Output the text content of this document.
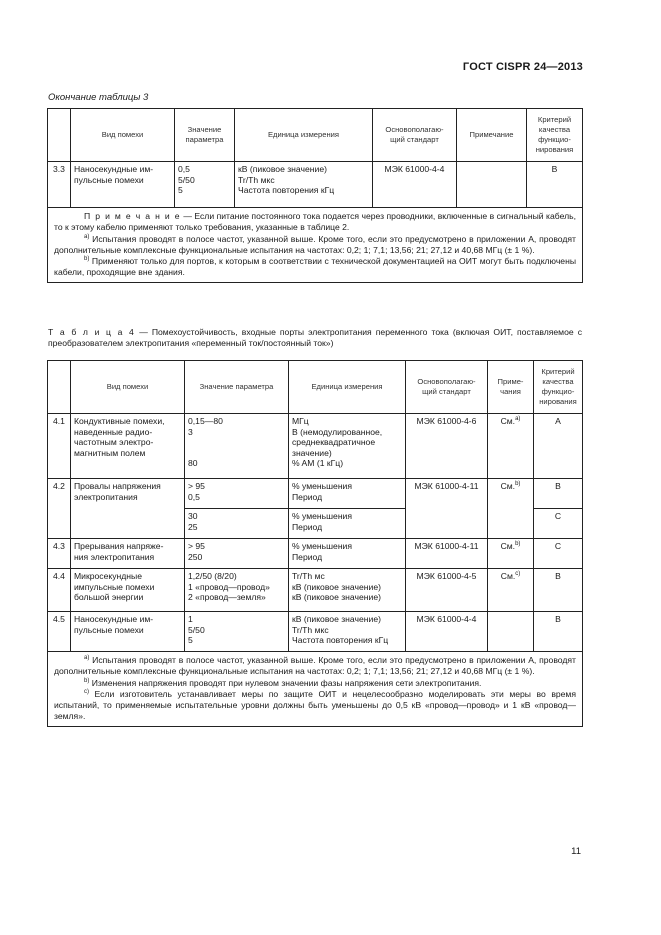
ГОСТ CISPR 24—2013
Окончание таблицы 3
	Вид помехи	Значение
параметра	Единица измерения	Основополагаю-
щий стандарт	Примечание	Критерий
качества
функцио-
нирования

3.3	Наносекундные им-
пульсные помехи	0,5
5/50
5	кВ (пиковое значение)
Tr/Th мкс
Частота повторения кГц	МЭК 61000-4-4		B

П р и м е ч а н и е — Если питание постоянного тока подается через проводники, включенные в сигнальный кабель, то к этому кабелю применяют только требования, указанные в таблице 2.

$^{а)}$ Испытания проводят в полосе частот, указанной выше. Кроме того, если это предусмотрено в приложении А, проводят дополнительные комплексные функциональные испытания на частотах: 0,2; 1; 7,1; 13,56; 21; 27,12 и 40,68 МГц (± 1 %).

$^{b)}$ Применяют только для портов, к которым в соответствии с технической документацией на ОИТ могут быть подключены кабели, проходящие вне здания.						

Т а б л и ц а 4 — Помехоустойчивость, входные порты электропитания переменного тока (включая ОИТ, поставляемое с преобразователем электропитания «переменный ток/постоянный ток»)
	Вид помехи	Значение параметра	Единица измерения	Основополагаю-
щий стандарт	Приме-
чания	Критерий
качества
функцио-
нирования

4.1	Кондуктивные помехи,
наведенные радио-
частотным электро-
магнитным полем	0,15—80
3

80	МГц
В (немодулированное,
среднеквадратичное
значение)
% AM (1 кГц)	МЭК 61000-4-6	См.$^{а)}$	A
4.2	Провалы напряжения
электропитания	> 95
0,5	% уменьшения
Период	МЭК 61000-4-11	См.$^{b)}$	B

		30
25	% уменьшения
Период			C
4.3	Прерывания напряже-
ния электропитания	> 95
250	% уменьшения
Период	МЭК 61000-4-11	См.$^{b)}$	C
4.4	Микросекундные
импульсные помехи
большой энергии	1,2/50 (8/20)
1 «провод—провод»
2 «провод—земля»	Tr/Th мс
кВ (пиковое значение)
кВ (пиковое значение)	МЭК 61000-4-5	См.$^{c)}$	B
4.5	Наносекундные им-
пульсные помехи	1
5/50
5	кВ (пиковое значение)
Tr/Th мкс
Частота повторения кГц	МЭК 61000-4-4		B

$^{а)}$ Испытания проводят в полосе частот, указанной выше. Кроме того, если это предусмотрено в приложении А, проводят дополнительные комплексные функциональные испытания на частотах: 0,2; 1; 7,1; 13,56; 21; 27,12 и 40,68 МГц (± 1 %).

$^{b)}$ Изменения напряжения проводят при нулевом значении фазы напряжения сети электропитания.

$^{c)}$ Если изготовитель устанавливает меры по защите ОИТ и нецелесообразно моделировать эти меры во время испытаний, то применяемые испытательные уровни должны быть уменьшены до 0,5 кВ «провод—провод» и 1 кВ «провод—земля».						

11
